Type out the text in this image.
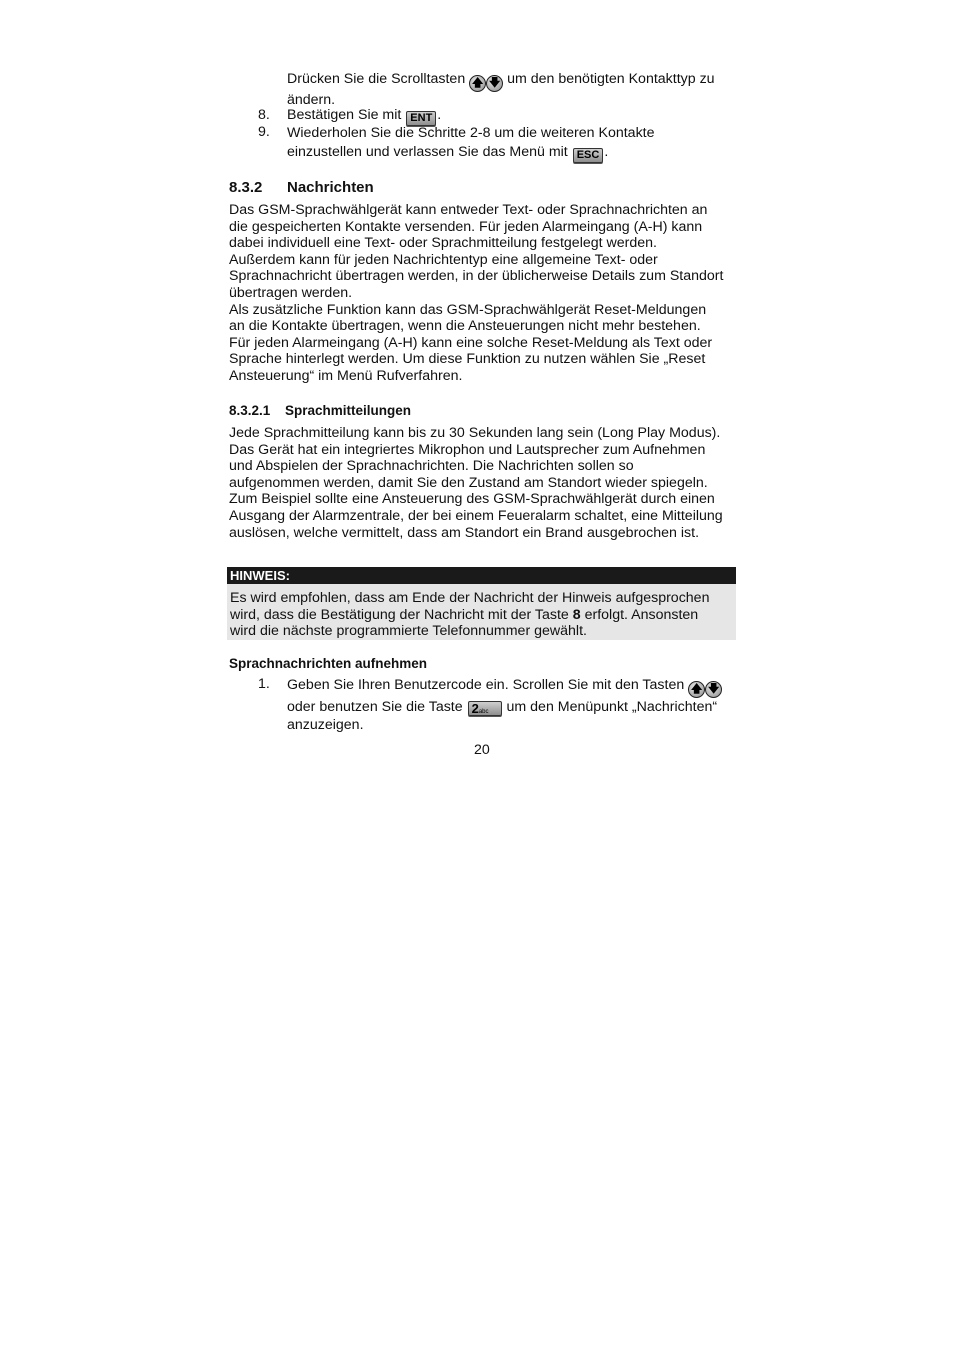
Drücken Sie die Scrolltasten 🡅 🡇 um den benötigten Kontakttyp zu
ändern.
8. Bestätigen Sie mit ENT .
9. Wiederholen Sie die Schritte 2-8 um die weiteren Kontakte
einzustellen und verlassen Sie das Menü mit ESC .
8.3.2 Nachrichten
Das GSM-Sprachwählgerät kann entweder Text- oder Sprachnachrichten an
die gespeicherten Kontakte versenden. Für jeden Alarmeingang (A-H) kann
dabei individuell eine Text- oder Sprachmitteilung festgelegt werden.
Außerdem kann für jeden Nachrichtentyp eine allgemeine Text- oder
Sprachnachricht übertragen werden, in der üblicherweise Details zum Standort
übertragen werden.
Als zusätzliche Funktion kann das GSM-Sprachwählgerät Reset-Meldungen
an die Kontakte übertragen, wenn die Ansteuerungen nicht mehr bestehen.
Für jeden Alarmeingang (A-H) kann eine solche Reset-Meldung als Text oder
Sprache hinterlegt werden. Um diese Funktion zu nutzen wählen Sie „Reset
Ansteuerung“ im Menü Rufverfahren.
8.3.2.1 Sprachmitteilungen
Jede Sprachmitteilung kann bis zu 30 Sekunden lang sein (Long Play Modus).
Das Gerät hat ein integriertes Mikrophon und Lautsprecher zum Aufnehmen
und Abspielen der Sprachnachrichten. Die Nachrichten sollen so
aufgenommen werden, damit Sie den Zustand am Standort wieder spiegeln.
Zum Beispiel sollte eine Ansteuerung des GSM-Sprachwählgerät durch einen
Ausgang der Alarmzentrale, der bei einem Feueralarm schaltet, eine Mitteilung
auslösen, welche vermittelt, dass am Standort ein Brand ausgebrochen ist.
HINWEIS:
Es wird empfohlen, dass am Ende der Nachricht der Hinweis aufgesprochen
wird, dass die Bestätigung der Nachricht mit der Taste 8 erfolgt. Ansonsten
wird die nächste programmierte Telefonnummer gewählt.
Sprachnachrichten aufnehmen
1. Geben Sie Ihren Benutzercode ein. Scrollen Sie mit den Tasten 🡅 🡇
oder benutzen Sie die Taste 2abc um den Menüpunkt „Nachrichten“
anzuzeigen.
20
